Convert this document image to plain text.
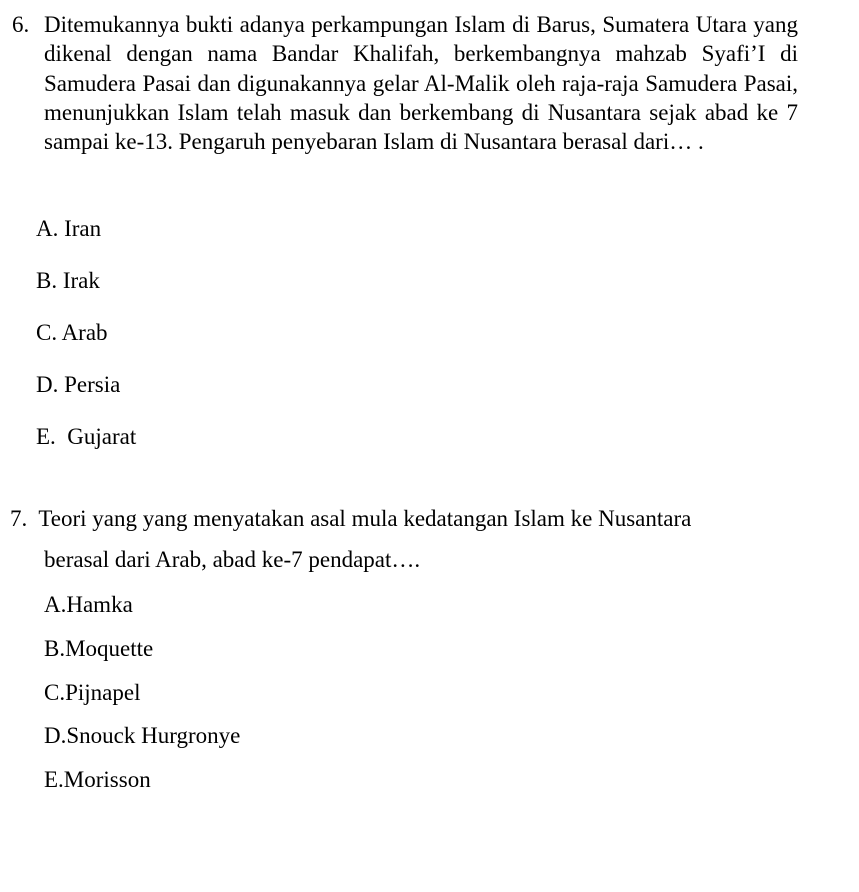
6. Ditemukannya bukti adanya perkampungan Islam di Barus, Sumatera Utara yang dikenal dengan nama Bandar Khalifah, berkembangnya mahzab Syafi’I di Samudera Pasai dan digunakannya gelar Al-Malik oleh raja-raja Samudera Pasai, menunjukkan Islam telah masuk dan berkembang di Nusantara sejak abad ke 7 sampai ke-13. Pengaruh penyebaran Islam di Nusantara berasal dari… .
A. Iran
B. Irak
C. Arab
D. Persia
E.  Gujarat
7.  Teori yang yang menyatakan asal mula kedatangan Islam ke Nusantara
berasal dari Arab, abad ke-7 pendapat….
A.Hamka
B.Moquette
C.Pijnapel
D.Snouck Hurgronye
E.Morisson
